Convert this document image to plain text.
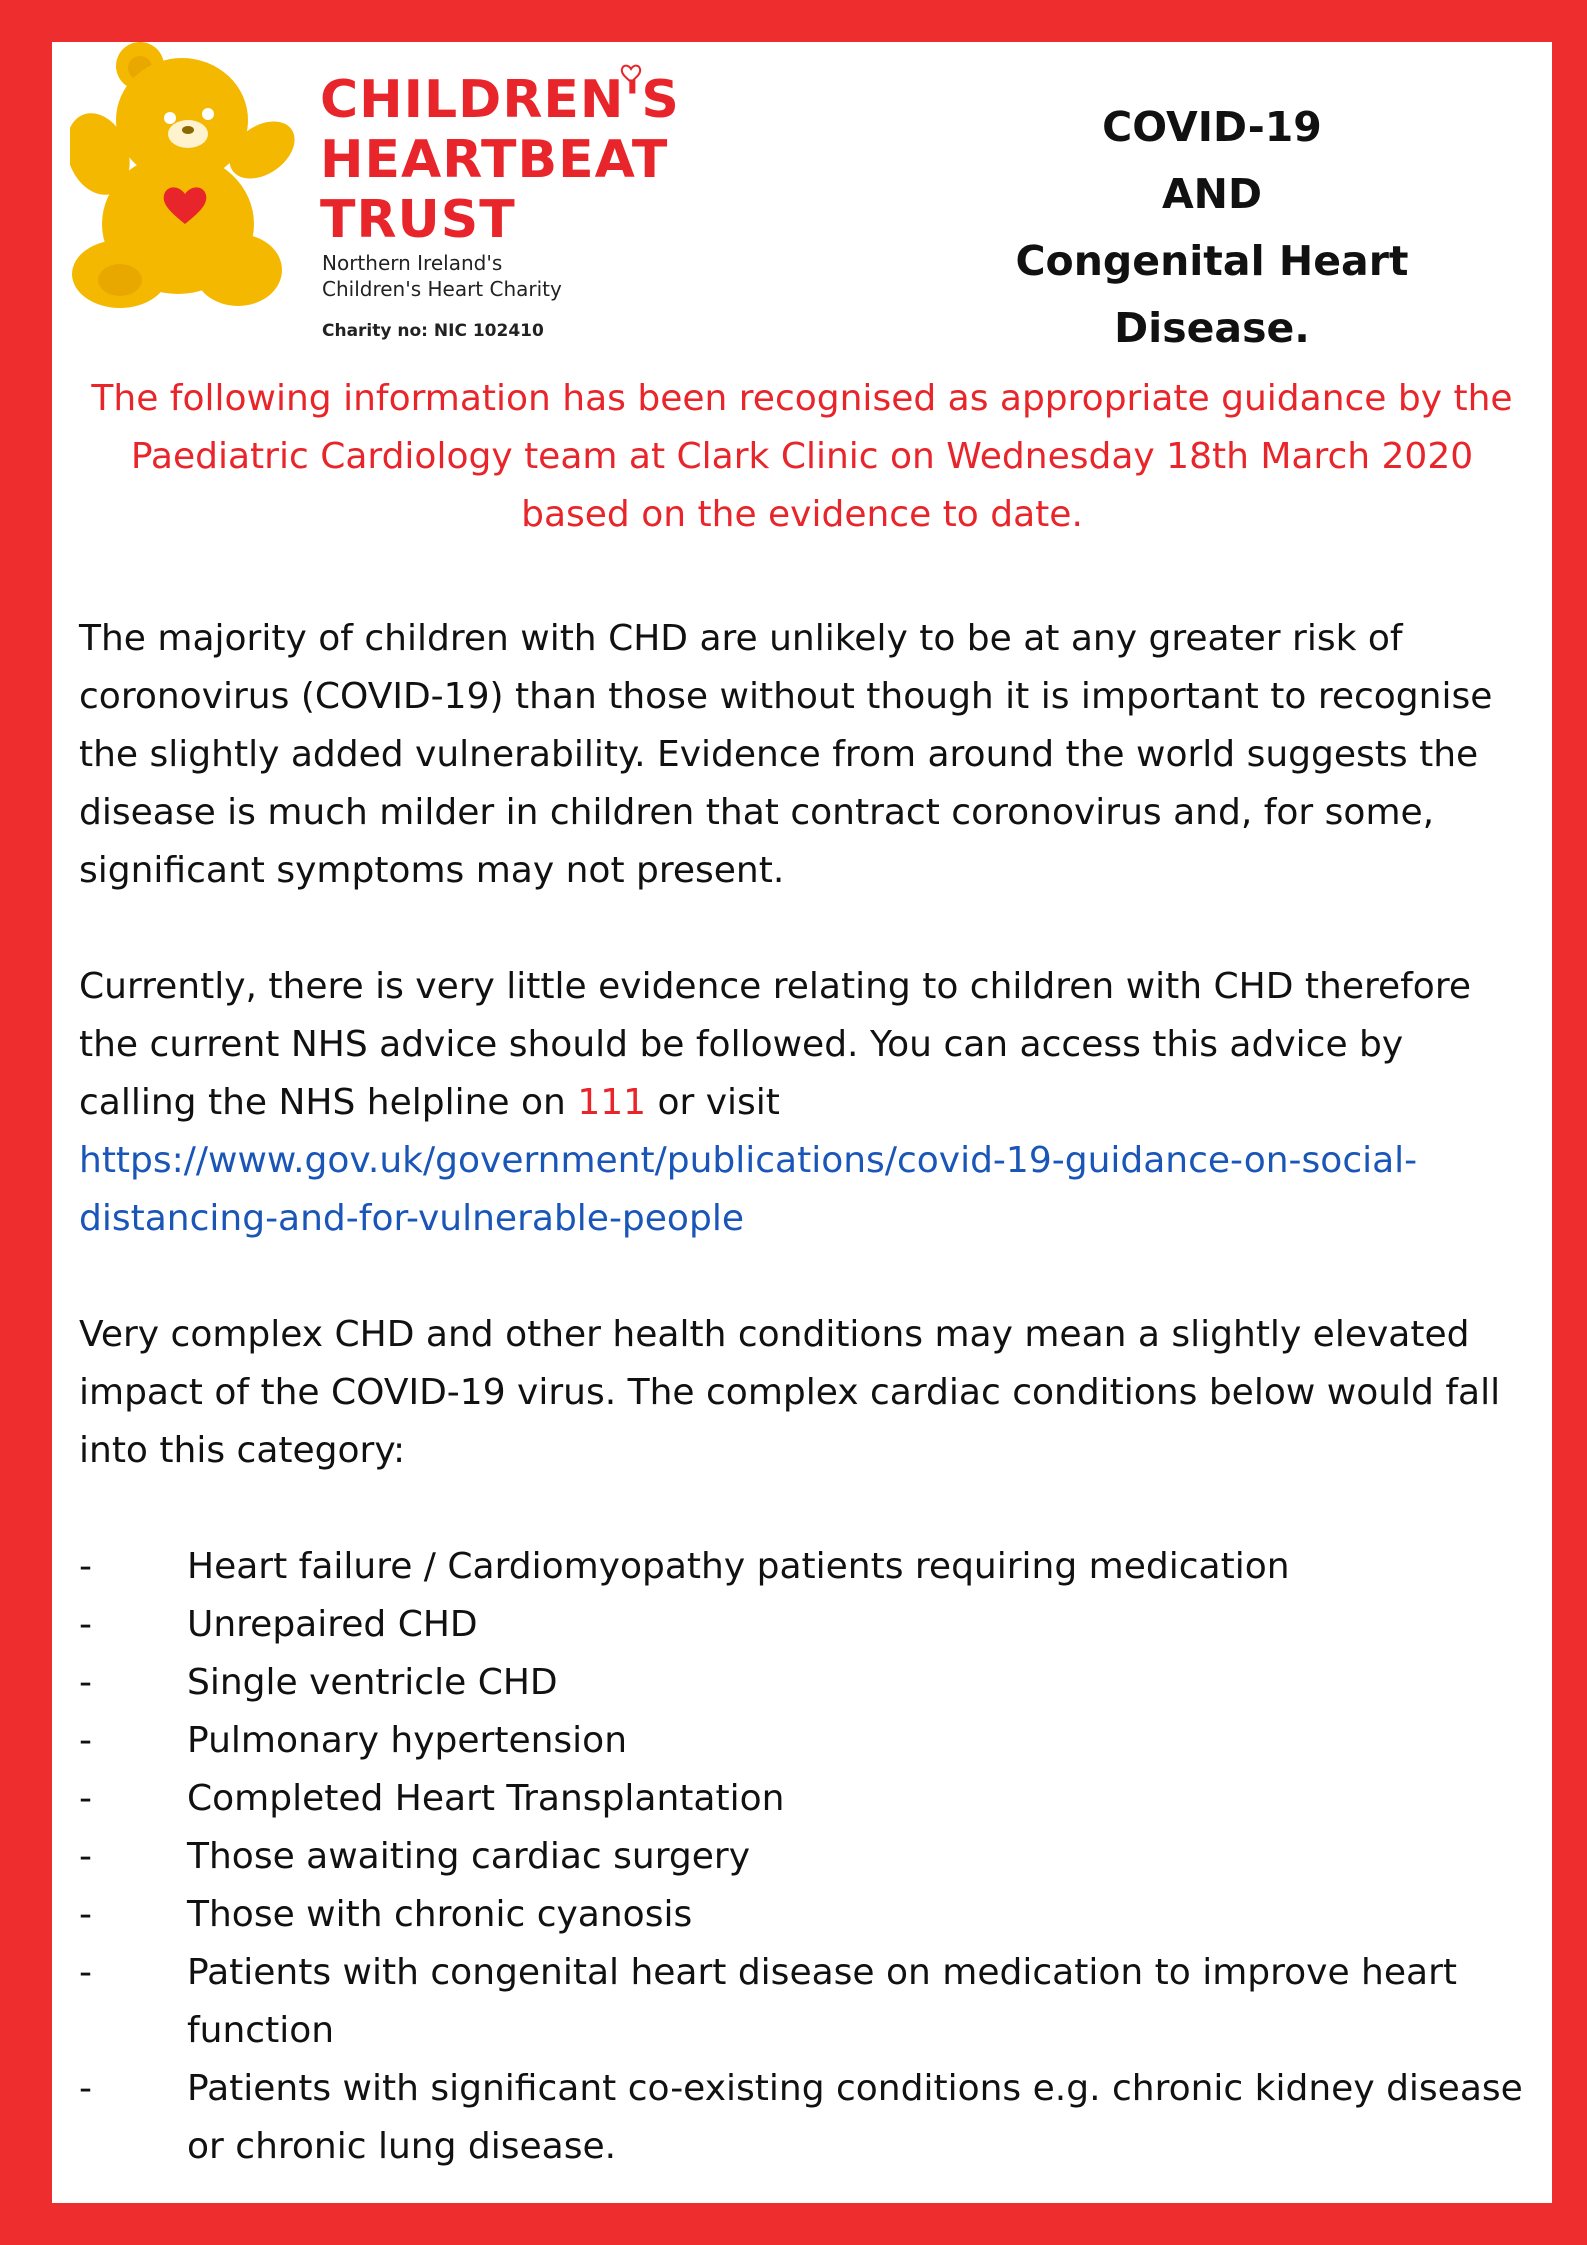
CHILDREN'S
HEARTBEAT
TRUST
Northern Ireland's
Children's Heart Charity
Charity no: NIC 102410
COVID-19
AND
Congenital Heart
Disease.
The following information has been recognised as appropriate guidance by the Paediatric Cardiology team at Clark Clinic on Wednesday 18th March 2020 based on the evidence to date.

The majority of children with CHD are unlikely to be at any greater risk of coronovirus (COVID-19) than those without though it is important to recognise the slightly added vulnerability. Evidence from around the world suggests the disease is much milder in children that contract coronovirus and, for some, significant symptoms may not present.

Currently, there is very little evidence relating to children with CHD therefore the current NHS advice should be followed. You can access this advice by calling the NHS helpline on 111 or visit
https://www.gov.uk/government/publications/covid-19-guidance-on-social-distancing-and-for-vulnerable-people

Very complex CHD and other health conditions may mean a slightly elevated impact of the COVID-19 virus. The complex cardiac conditions below would fall into this category:

-	Heart failure / Cardiomyopathy patients requiring medication
-	Unrepaired CHD
-	Single ventricle CHD
-	Pulmonary hypertension
-	Completed Heart Transplantation
-	Those awaiting cardiac surgery
-	Those with chronic cyanosis
-	Patients with congenital heart disease on medication to improve heart function
-	Patients with significant co-existing conditions e.g. chronic kidney disease or chronic lung disease.
